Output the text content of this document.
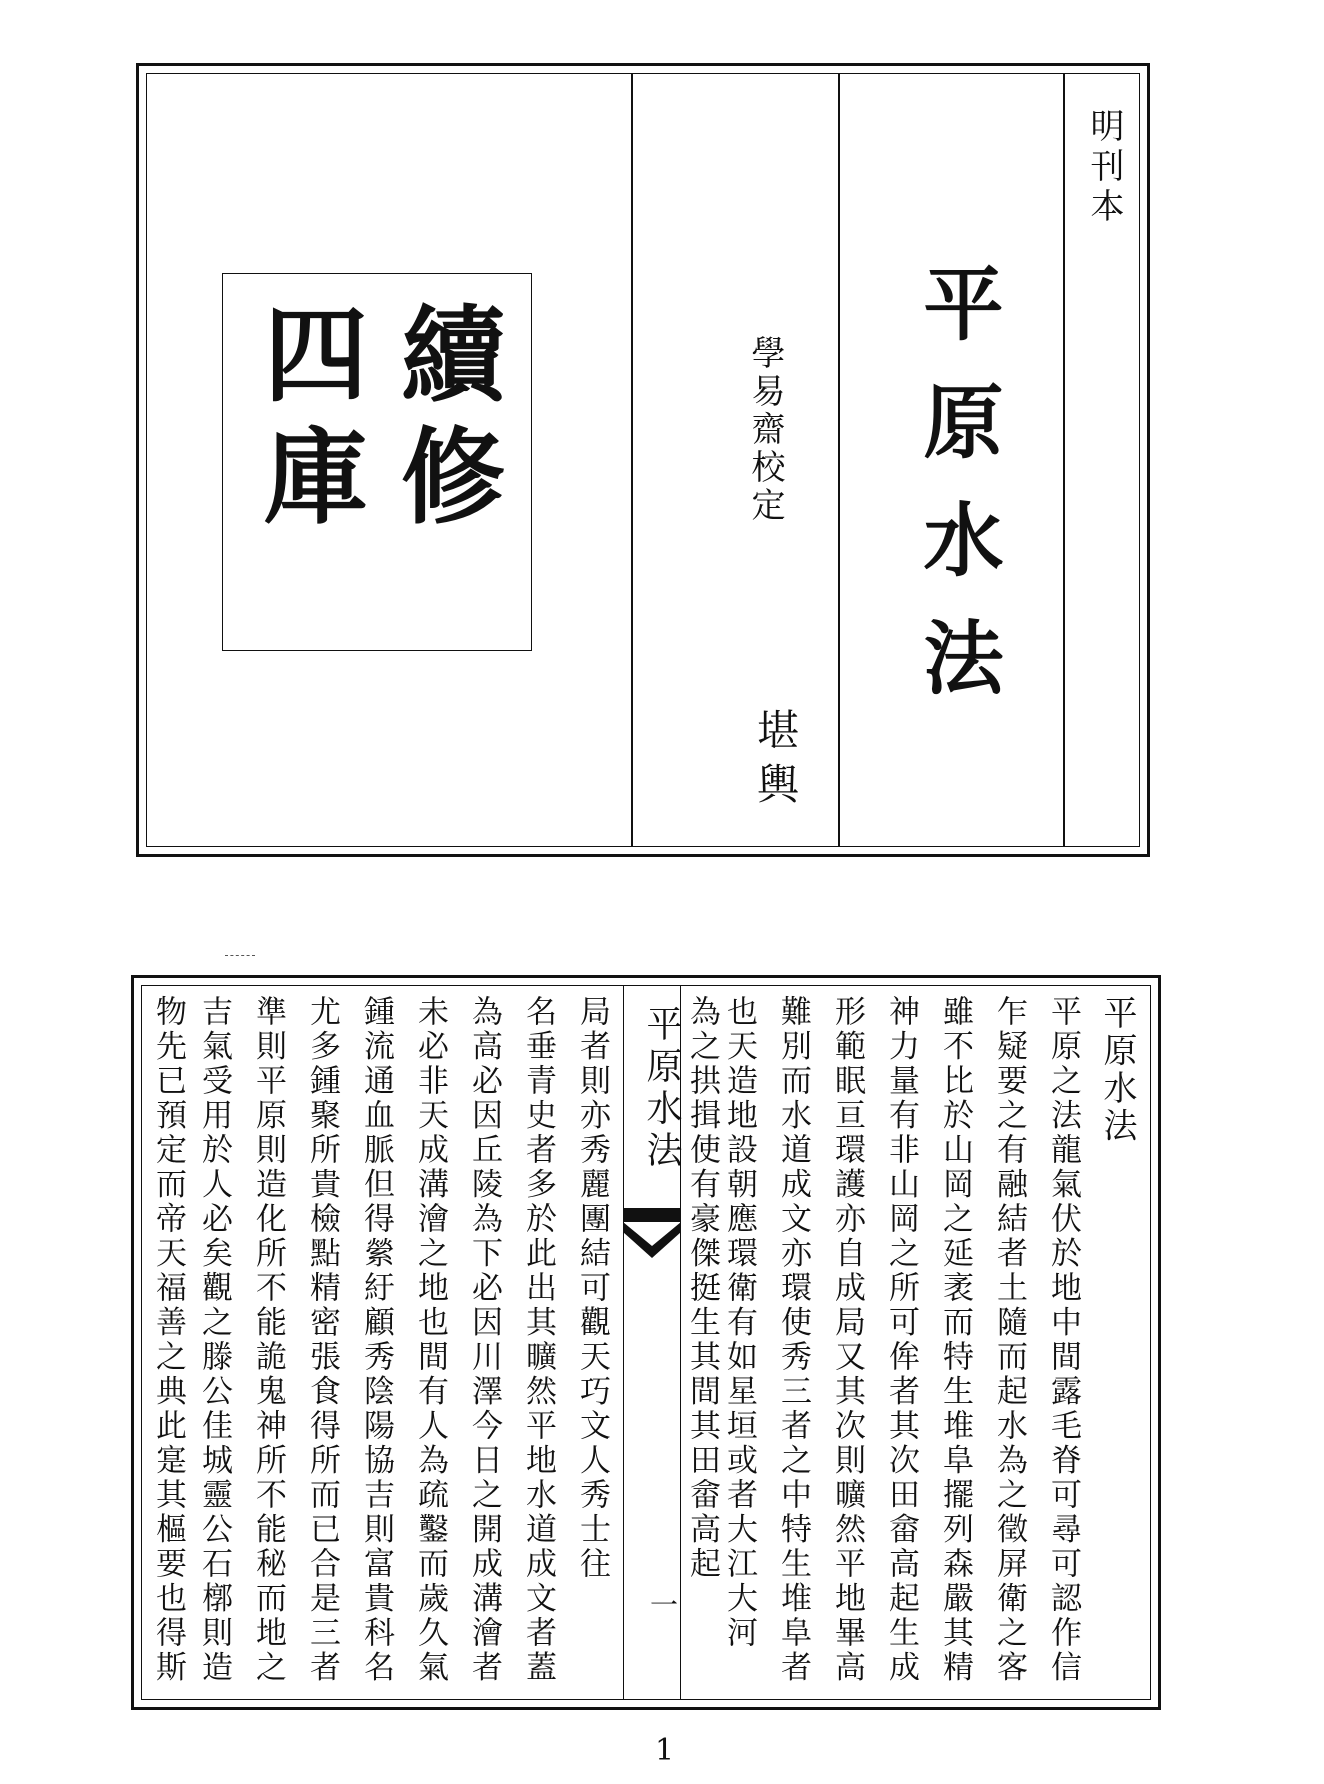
明刊本
平原水法
學易齋校定
堪輿
續修
四庫
平原水法
一
平原水法
平原之法龍氣伏於地中間露毛脊可尋可認作信
乍疑要之有融結者土隨而起水為之徵屏衛之客
雖不比於山岡之延袤而特生堆阜擺列森嚴其精
神力量有非山岡之所可侔者其次田畲高起生成
形範眠亘環護亦自成局又其次則曠然平地畢高
難別而水道成文亦環使秀三者之中特生堆阜者
也天造地設朝應環衛有如星垣或者大江大河
為之拱揖使有豪傑挺生其間其田畲高起
局者則亦秀麗團結可觀天巧文人秀士往
名垂青史者多於此出其曠然平地水道成文者蓋
為高必因丘陵為下必因川澤今日之開成溝澮者
未必非天成溝澮之地也間有人為疏鑿而歲久氣
鍾流通血脈但得縈紆顧秀陰陽協吉則富貴科名
尤多鍾聚所貴檢點精密張食得所而已合是三者
準則平原則造化所不能詭鬼神所不能秘而地之
吉氣受用於人必矣觀之滕公佳城靈公石槨則造
物先已預定而帝天福善之典此寔其樞要也得斯
1
